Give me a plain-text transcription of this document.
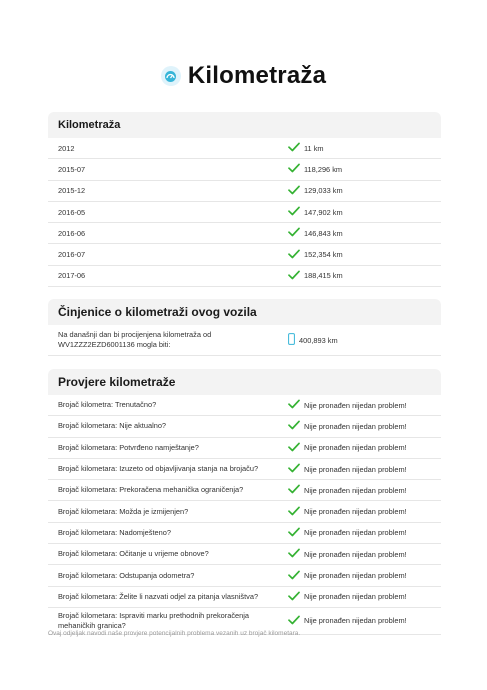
Kilometraža
Kilometraža
2012	11 km
2015-07	118,296 km
2015-12	129,033 km
2016-05	147,902 km
2016-06	146,843 km
2016-07	152,354 km
2017-06	188,415 km
Činjenice o kilometraži ovog vozila
Na današnji dan bi procijenjena kilometraža od WV1ZZZ2EZD6001136 mogla biti:	400,893 km
Provjere kilometraže
Brojač kilometra: Trenutačno?	Nije pronađen nijedan problem!
Brojač kilometara: Nije aktualno?	Nije pronađen nijedan problem!
Brojač kilometara: Potvrđeno namještanje?	Nije pronađen nijedan problem!
Brojač kilometara: Izuzeto od objavljivanja stanja na brojaču?	Nije pronađen nijedan problem!
Brojač kilometara: Prekoračena mehanička ograničenja?	Nije pronađen nijedan problem!
Brojač kilometara: Možda je izmijenjen?	Nije pronađen nijedan problem!
Brojač kilometara: Nadomješteno?	Nije pronađen nijedan problem!
Brojač kilometara: Očitanje u vrijeme obnove?	Nije pronađen nijedan problem!
Brojač kilometara: Odstupanja odometra?	Nije pronađen nijedan problem!
Brojač kilometara: Želite li nazvati odjel za pitanja vlasništva?	Nije pronađen nijedan problem!
Brojač kilometara: Ispraviti marku prethodnih prekoračenja mehaničkih granica?	Nije pronađen nijedan problem!
Ovaj odjeljak navodi naše provjere potencijalnih problema vezanih uz brojač kilometara.
